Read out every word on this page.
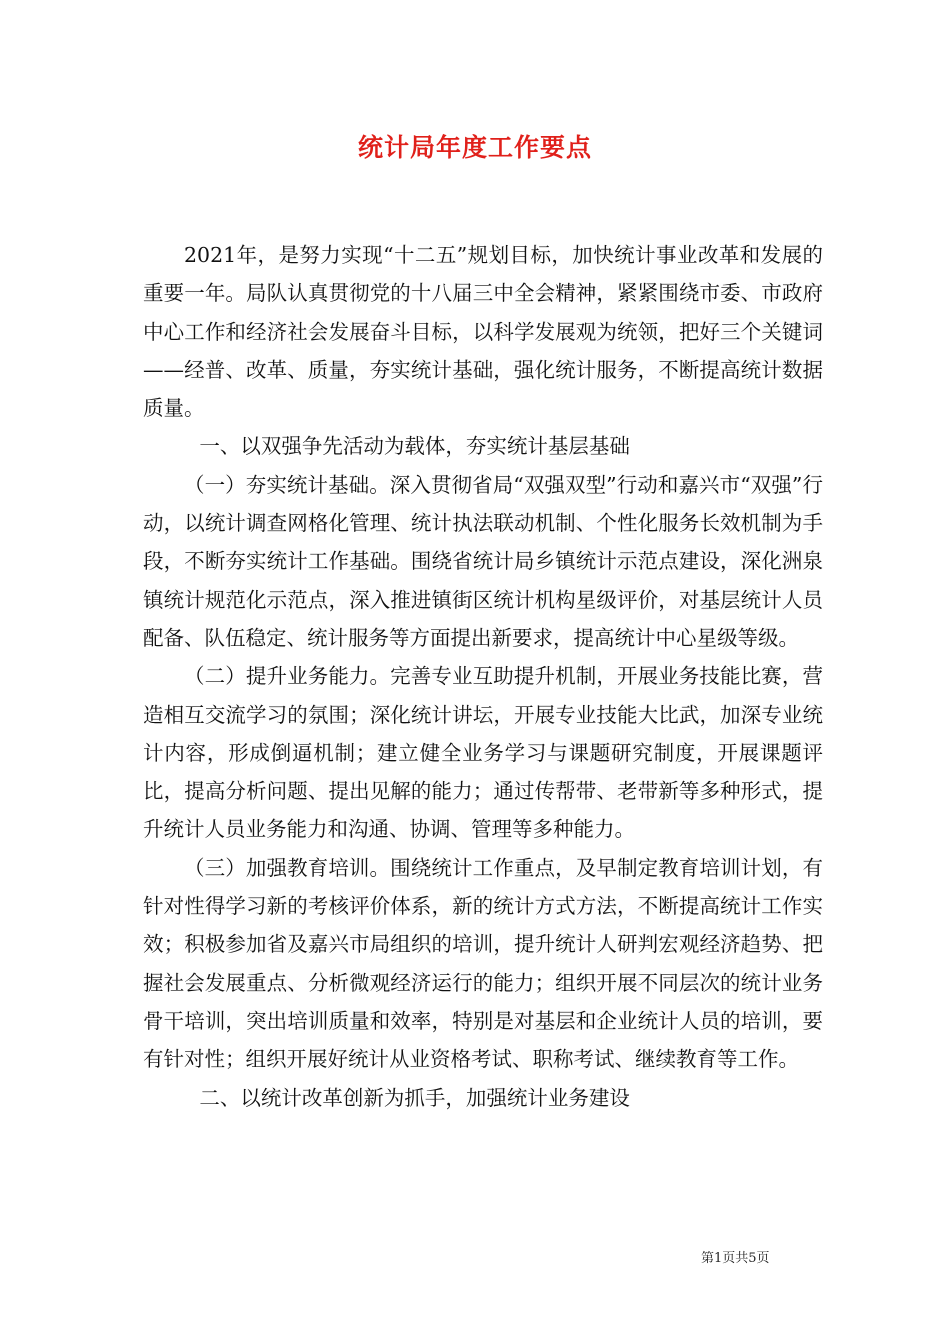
统计局年度工作要点

2021年，是努力实现“十二五”规划目标，加快统计事业改革和发展的重要一年。局队认真贯彻党的十八届三中全会精神，紧紧围绕市委、市政府中心工作和经济社会发展奋斗目标，以科学发展观为统领，把好三个关键词——经普、改革、质量，夯实统计基础，强化统计服务，不断提高统计数据质量。

一、以双强争先活动为载体，夯实统计基层基础

（一）夯实统计基础。深入贯彻省局“双强双型”行动和嘉兴市“双强”行动，以统计调查网格化管理、统计执法联动机制、个性化服务长效机制为手段，不断夯实统计工作基础。围绕省统计局乡镇统计示范点建设，深化洲泉镇统计规范化示范点，深入推进镇街区统计机构星级评价，对基层统计人员配备、队伍稳定、统计服务等方面提出新要求，提高统计中心星级等级。

（二）提升业务能力。完善专业互助提升机制，开展业务技能比赛，营造相互交流学习的氛围；深化统计讲坛，开展专业技能大比武，加深专业统计内容，形成倒逼机制；建立健全业务学习与课题研究制度，开展课题评比，提高分析问题、提出见解的能力；通过传帮带、老带新等多种形式，提升统计人员业务能力和沟通、协调、管理等多种能力。

（三）加强教育培训。围绕统计工作重点，及早制定教育培训计划，有针对性得学习新的考核评价体系，新的统计方式方法，不断提高统计工作实效；积极参加省及嘉兴市局组织的培训，提升统计人研判宏观经济趋势、把握社会发展重点、分析微观经济运行的能力；组织开展不同层次的统计业务骨干培训，突出培训质量和效率，特别是对基层和企业统计人员的培训，要有针对性；组织开展好统计从业资格考试、职称考试、继续教育等工作。

二、以统计改革创新为抓手，加强统计业务建设

第1页共5页
